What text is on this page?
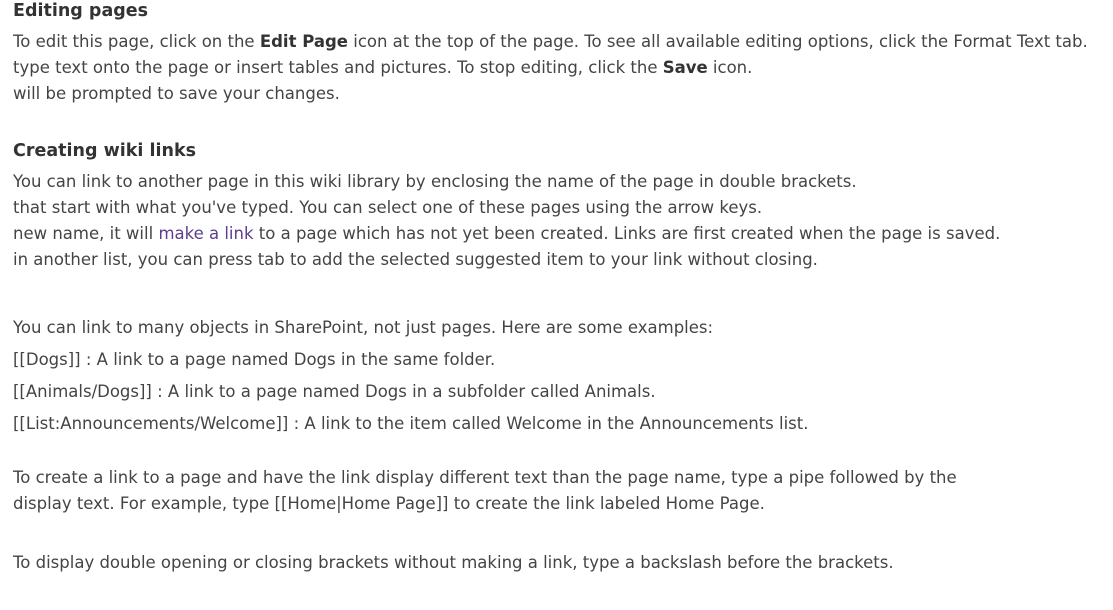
Editing pages
To edit this page, click on the Edit Page icon at the top of the page. To see all available editing options, click the Format Text tab.
type text onto the page or insert tables and pictures. To stop editing, click the Save icon.
will be prompted to save your changes.
Creating wiki links
You can link to another page in this wiki library by enclosing the name of the page in double brackets.
that start with what you've typed. You can select one of these pages using the arrow keys.
new name, it will make a link to a page which has not yet been created. Links are first created when the page is saved.
in another list, you can press tab to add the selected suggested item to your link without closing.
You can link to many objects in SharePoint, not just pages. Here are some examples:
[[Dogs]] : A link to a page named Dogs in the same folder.
[[Animals/Dogs]] : A link to a page named Dogs in a subfolder called Animals.
[[List:Announcements/Welcome]] : A link to the item called Welcome in the Announcements list.
To create a link to a page and have the link display different text than the page name, type a pipe followed by the
display text. For example, type [[Home|Home Page]] to create the link labeled Home Page.
To display double opening or closing brackets without making a link, type a backslash before the brackets.
